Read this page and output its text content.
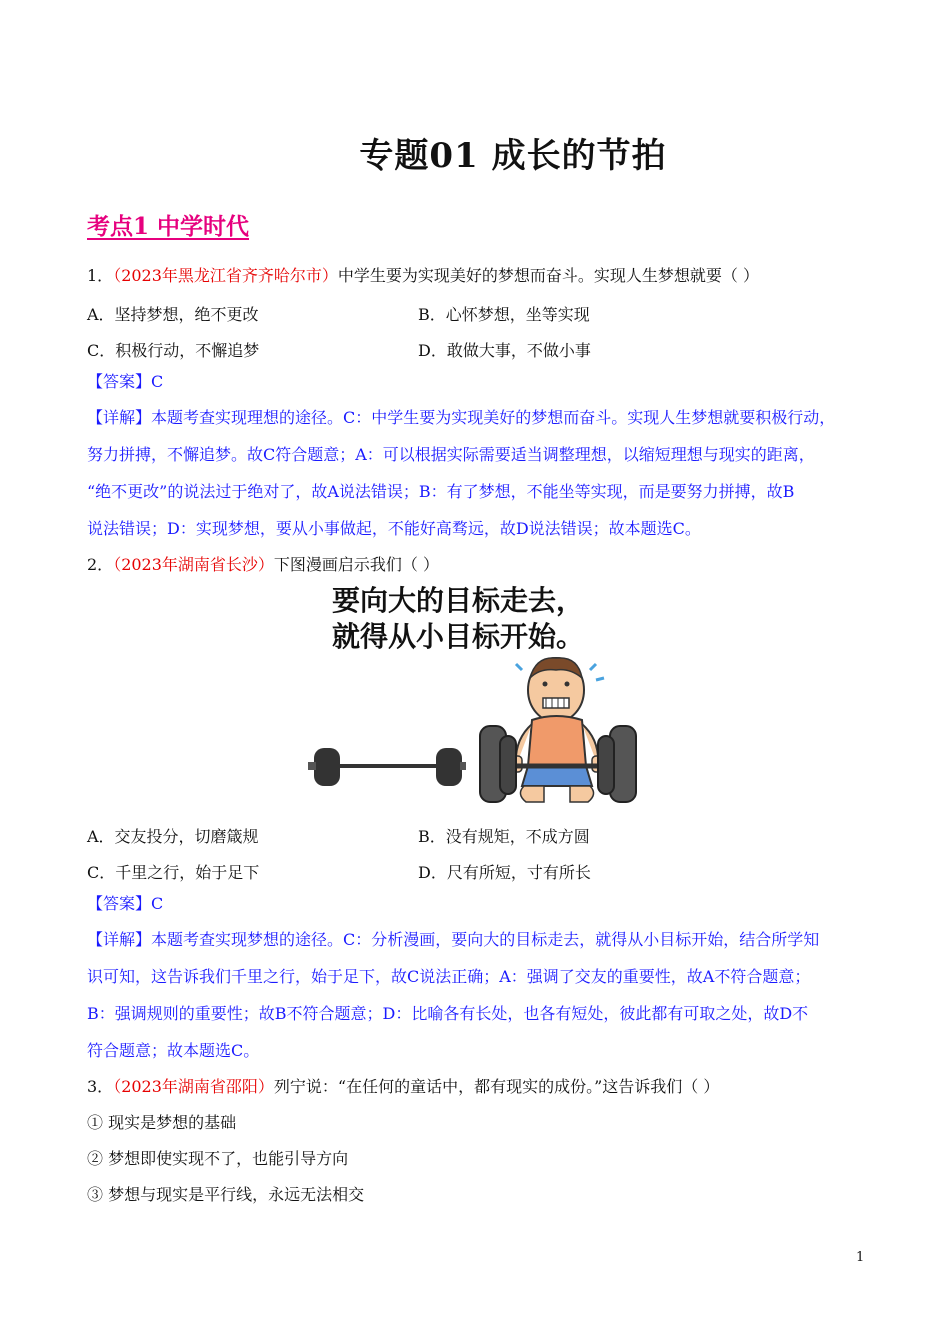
专题01 成长的节拍
考点1 中学时代
1．（2023年黑龙江省齐齐哈尔市）中学生要为实现美好的梦想而奋斗。实现人生梦想就要（ ）
A．坚持梦想，绝不更改	B．心怀梦想，坐等实现
C．积极行动，不懈追梦	D．敢做大事，不做小事
【答案】C
【详解】本题考查实现理想的途径。C：中学生要为实现美好的梦想而奋斗。实现人生梦想就要积极行动，
努力拼搏，不懈追梦。故C符合题意；A：可以根据实际需要适当调整理想，以缩短理想与现实的距离，
“绝不更改”的说法过于绝对了，故A说法错误；B：有了梦想，不能坐等实现，而是要努力拼搏，故B
说法错误；D：实现梦想，要从小事做起，不能好高骛远，故D说法错误；故本题选C。
2．（2023年湖南省长沙）下图漫画启示我们（ ）
要向大的目标走去，
就得从小目标开始。
A．交友投分，切磨箴规	B．没有规矩，不成方圆
C．千里之行，始于足下	D．尺有所短，寸有所长
【答案】C
【详解】本题考查实现梦想的途径。C：分析漫画，要向大的目标走去，就得从小目标开始，结合所学知
识可知，这告诉我们千里之行，始于足下，故C说法正确；A：强调了交友的重要性，故A不符合题意；
B：强调规则的重要性；故B不符合题意；D：比喻各有长处，也各有短处，彼此都有可取之处，故D不
符合题意；故本题选C。
3．（2023年湖南省邵阳）列宁说：“在任何的童话中，都有现实的成份。”这告诉我们（ ）
① 现实是梦想的基础
② 梦想即使实现不了，也能引导方向
③ 梦想与现实是平行线，永远无法相交
1
